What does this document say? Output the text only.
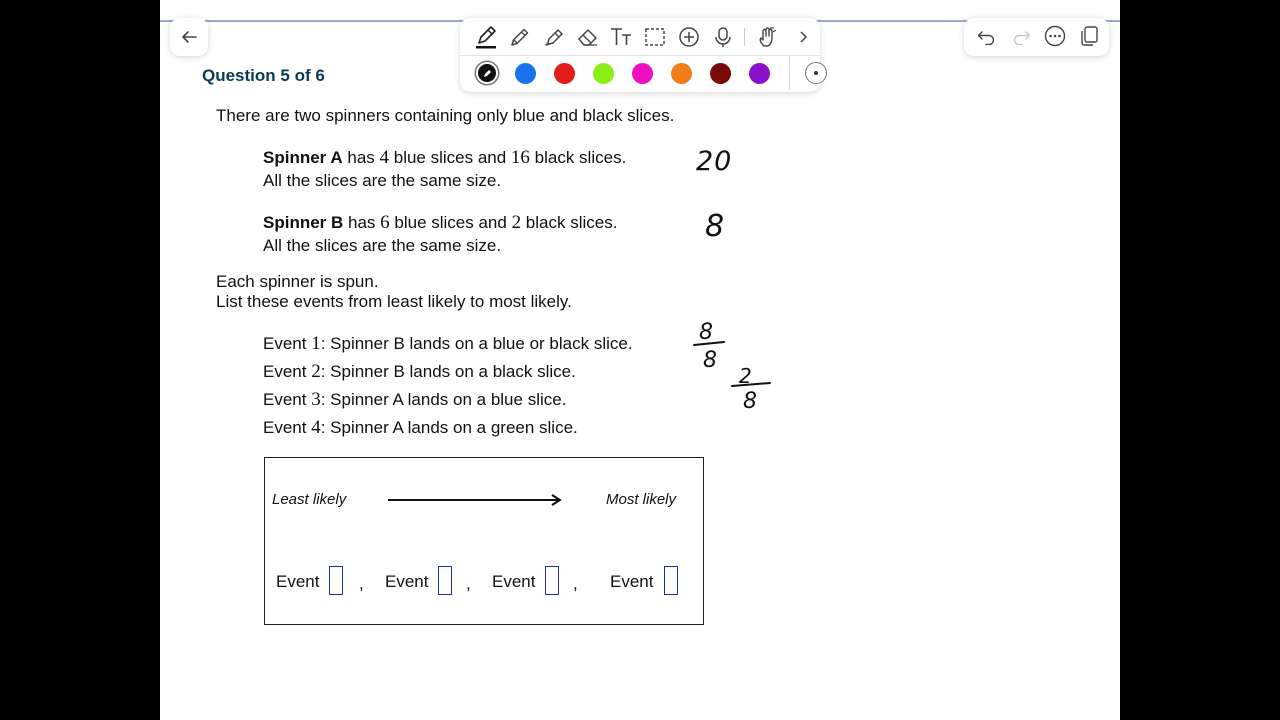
Question 5 of 6
There are two spinners containing only blue and black slices.
Spinner A has 4 blue slices and 16 black slices.
All the slices are the same size.
Spinner B has 6 blue slices and 2 black slices.
All the slices are the same size.
Each spinner is spun.
List these events from least likely to most likely.
Event 1: Spinner B lands on a blue or black slice.
Event 2: Spinner B lands on a black slice.
Event 3: Spinner A lands on a blue slice.
Event 4: Spinner A lands on a green slice.
20
8
8
8
2
8
Least likely	Most likely
Event , Event , Event , Event
